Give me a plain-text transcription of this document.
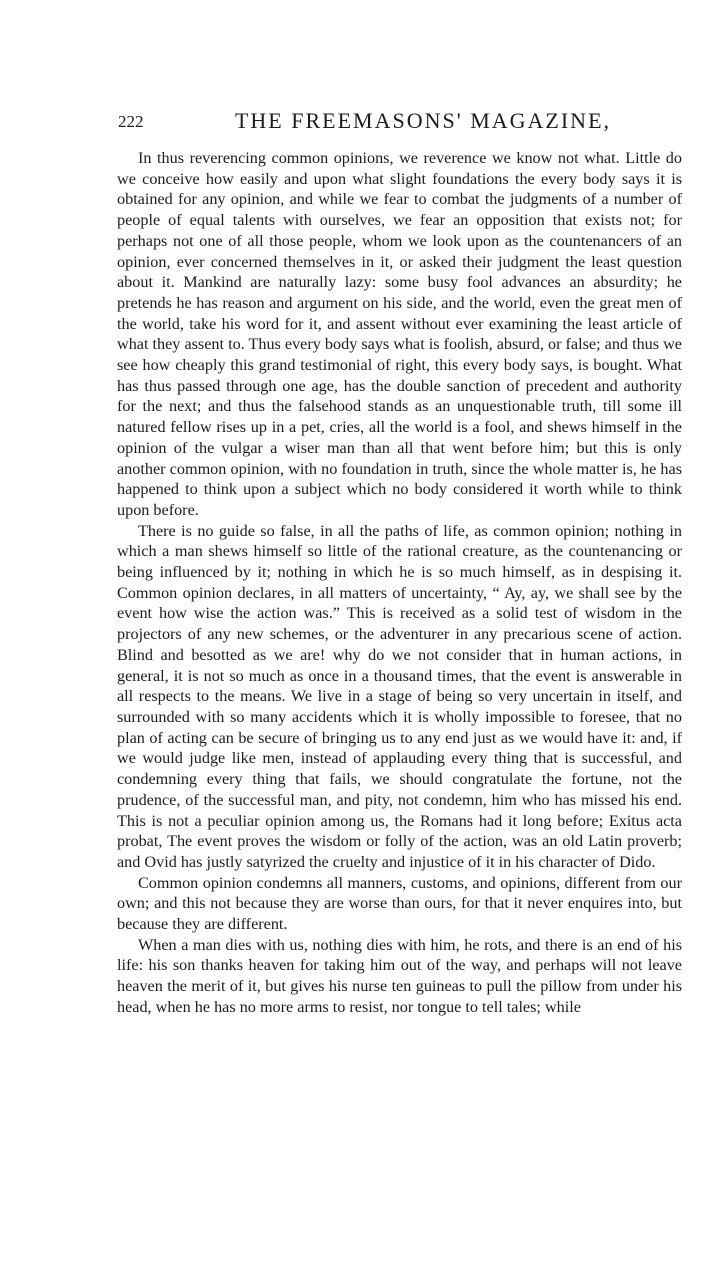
222	THE FREEMASONS' MAGAZINE,

In thus reverencing common opinions, we reverence we know not what. Little do we conceive how easily and upon what slight foundations the every body says it is obtained for any opinion, and while we fear to combat the judgments of a number of people of equal talents with ourselves, we fear an opposition that exists not; for perhaps not one of all those people, whom we look upon as the countenancers of an opinion, ever concerned themselves in it, or asked their judgment the least question about it. Mankind are naturally lazy: some busy fool advances an absurdity; he pretends he has reason and argument on his side, and the world, even the great men of the world, take his word for it, and assent without ever examining the least article of what they assent to. Thus every body says what is foolish, absurd, or false; and thus we see how cheaply this grand testimonial of right, this every body says, is bought. What has thus passed through one age, has the double sanction of precedent and authority for the next; and thus the falsehood stands as an unquestionable truth, till some ill natured fellow rises up in a pet, cries, all the world is a fool, and shews himself in the opinion of the vulgar a wiser man than all that went before him; but this is only another common opinion, with no foundation in truth, since the whole matter is, he has happened to think upon a subject which no body considered it worth while to think upon before.

There is no guide so false, in all the paths of life, as common opinion; nothing in which a man shews himself so little of the rational creature, as the countenancing or being influenced by it; nothing in which he is so much himself, as in despising it. Common opinion declares, in all matters of uncertainty, “ Ay, ay, we shall see by the event how wise the action was.” This is received as a solid test of wisdom in the projectors of any new schemes, or the adventurer in any precarious scene of action. Blind and besotted as we are! why do we not consider that in human actions, in general, it is not so much as once in a thousand times, that the event is answerable in all respects to the means. We live in a stage of being so very uncertain in itself, and surrounded with so many accidents which it is wholly impossible to foresee, that no plan of acting can be secure of bringing us to any end just as we would have it: and, if we would judge like men, instead of applauding every thing that is successful, and condemning every thing that fails, we should congratulate the fortune, not the prudence, of the successful man, and pity, not condemn, him who has missed his end. This is not a peculiar opinion among us, the Romans had it long before; Exitus acta probat, The event proves the wisdom or folly of the action, was an old Latin proverb; and Ovid has justly satyrized the cruelty and injustice of it in his character of Dido.

Common opinion condemns all manners, customs, and opinions, different from our own; and this not because they are worse than ours, for that it never enquires into, but because they are different.

When a man dies with us, nothing dies with him, he rots, and there is an end of his life: his son thanks heaven for taking him out of the way, and perhaps will not leave heaven the merit of it, but gives his nurse ten guineas to pull the pillow from under his head, when he has no more arms to resist, nor tongue to tell tales; while
